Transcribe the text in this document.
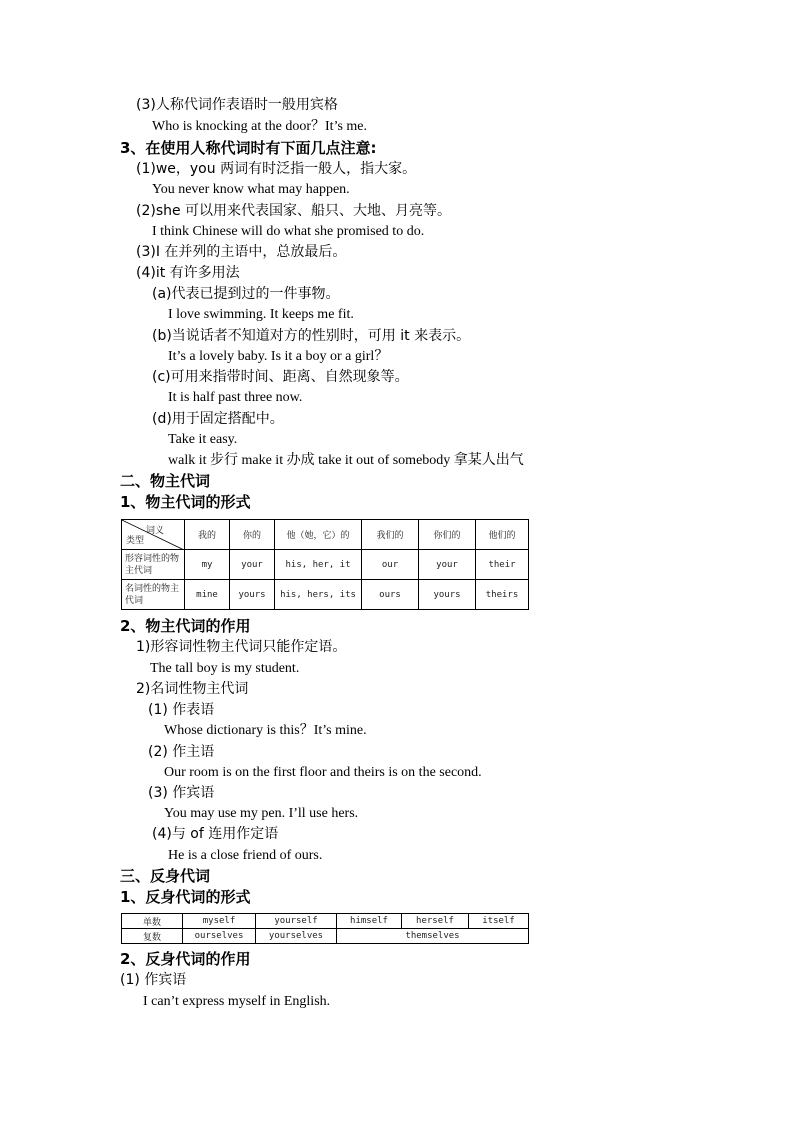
(3)人称代词作表语时一般用宾格
Who is knocking at the door？It’s me.
3、在使用人称代词时有下面几点注意:
(1)we，you 两词有时泛指一般人，指大家。
You never know what may happen.
(2)she 可以用来代表国家、船只、大地、月亮等。
I think Chinese will do what she promised to do.
(3)I 在并列的主语中，总放最后。
(4)it 有许多用法
(a)代表已提到过的一件事物。
I love swimming. It keeps me fit.
(b)当说话者不知道对方的性别时，可用 it 来表示。
It’s a lovely baby. Is it a boy or a girl？
(c)可用来指带时间、距离、自然现象等。
It is half past three now.
(d)用于固定搭配中。
Take it easy.
walk it 步行 make it 办成 take it out of somebody 拿某人出气
二、物主代词
1、物主代词的形式
词义
类型	我的	你的	他（她，它）的	我们的	你们的	他们的
形容词性的物主代词	my	your	his, her, it	our	your	their
名词性的物主代词	mine	yours	his, hers, its	ours	yours	theirs
2、物主代词的作用
1)形容词性物主代词只能作定语。
The tall boy is my student.
2)名词性物主代词
(1) 作表语
Whose dictionary is this？It’s mine.
(2) 作主语
Our room is on the first floor and theirs is on the second.
(3) 作宾语
You may use my pen. I’ll use hers.
(4)与 of 连用作定语
He is a close friend of ours.
三、反身代词
1、反身代词的形式
单数	myself	yourself	himself	herself	itself
复数	ourselves	yourselves	themselves		
2、反身代词的作用
(1) 作宾语
I can’t express myself in English.
